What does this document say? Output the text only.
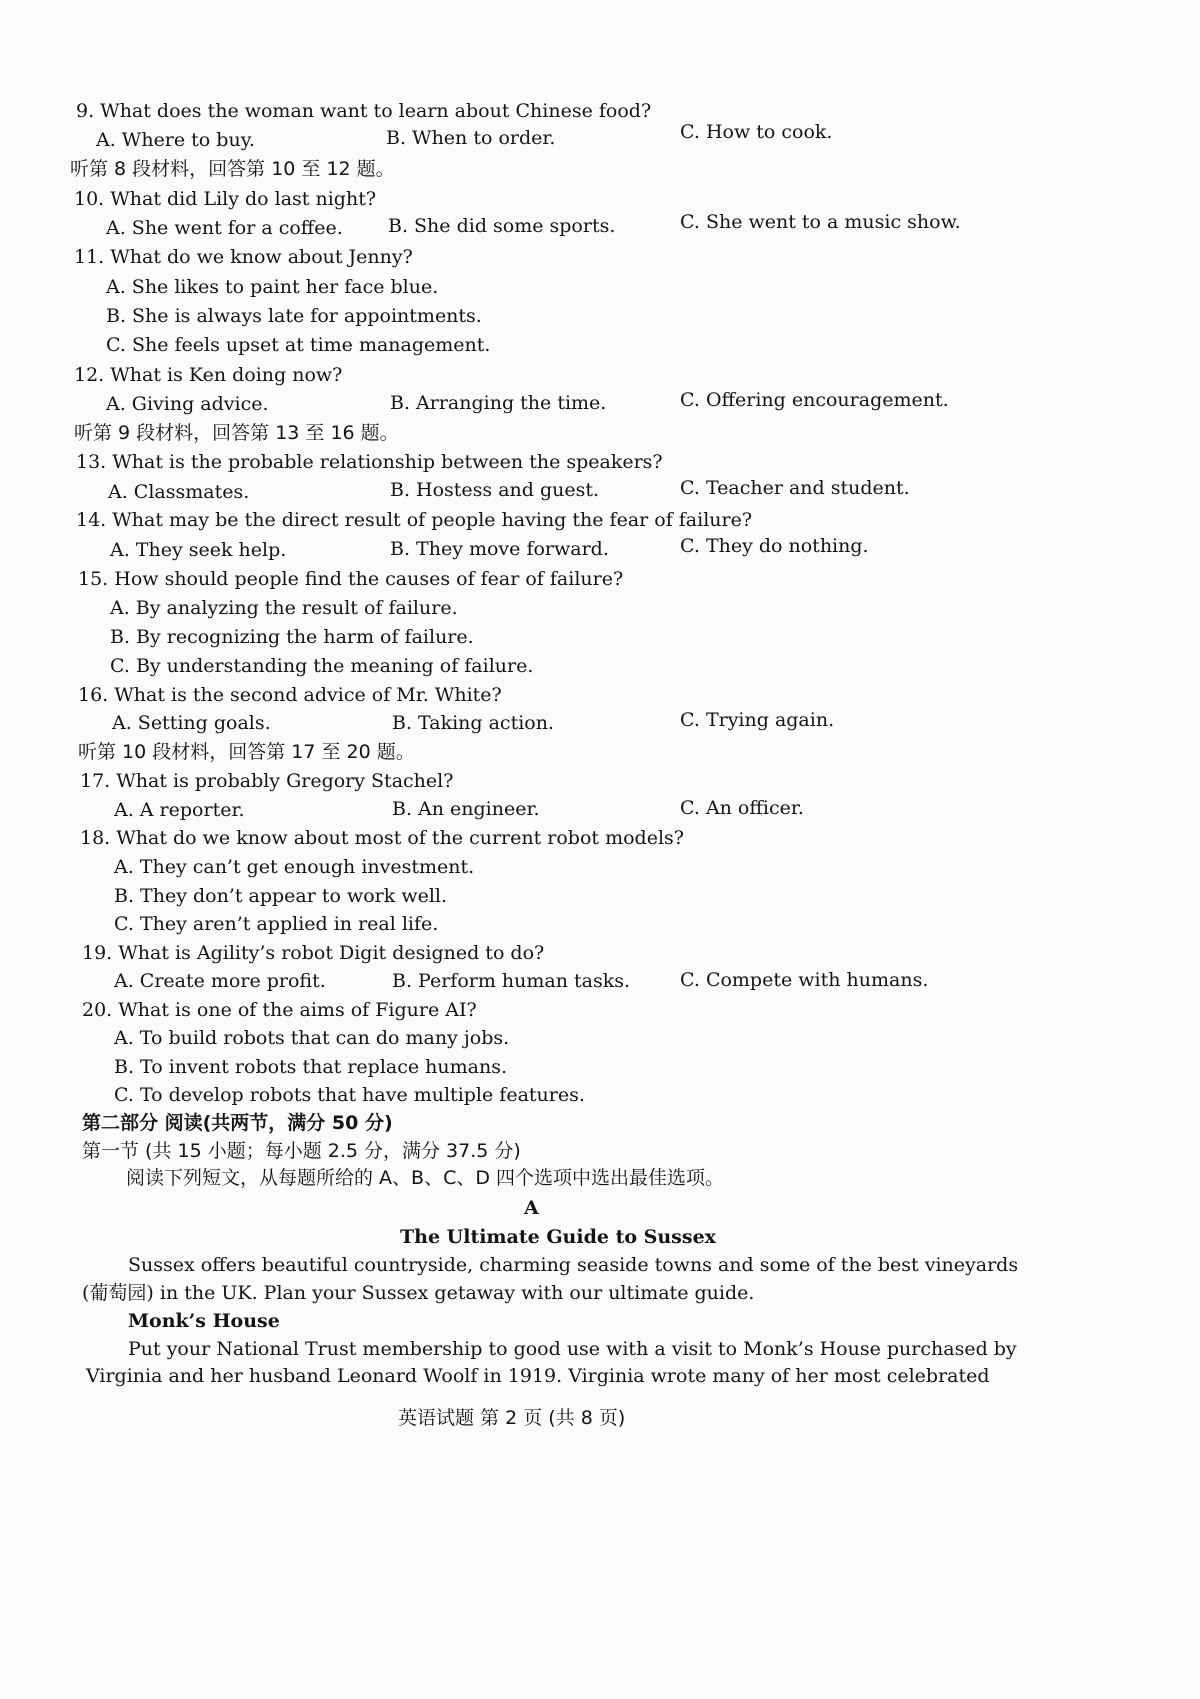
9. What does the woman want to learn about Chinese food?
A. Where to buy.	B. When to order.	C. How to cook.
听第 8 段材料，回答第 10 至 12 题。
10. What did Lily do last night?
A. She went for a coffee. B. She did some sports.	C. She went to a music show.
11. What do we know about Jenny?
A. She likes to paint her face blue.
B. She is always late for appointments.
C. She feels upset at time management.
12. What is Ken doing now?
A. Giving advice.	B. Arranging the time.	C. Offering encouragement.
听第 9 段材料，回答第 13 至 16 题。
13. What is the probable relationship between the speakers?
A. Classmates.	B. Hostess and guest.	C. Teacher and student.
14. What may be the direct result of people having the fear of failure?
A. They seek help.	B. They move forward.	C. They do nothing.
15. How should people find the causes of fear of failure?
A. By analyzing the result of failure.
B. By recognizing the harm of failure.
C. By understanding the meaning of failure.
16. What is the second advice of Mr. White?
A. Setting goals.	B. Taking action.	C. Trying again.
听第 10 段材料，回答第 17 至 20 题。
17. What is probably Gregory Stachel?
A. A reporter.	B. An engineer.	C. An officer.
18. What do we know about most of the current robot models?
A. They can’t get enough investment.
B. They don’t appear to work well.
C. They aren’t applied in real life.
19. What is Agility’s robot Digit designed to do?
A. Create more profit.	B. Perform human tasks.	C. Compete with humans.
20. What is one of the aims of Figure AI?
A. To build robots that can do many jobs.
B. To invent robots that replace humans.
C. To develop robots that have multiple features.
第二部分 阅读(共两节，满分 50 分)
第一节 (共 15 小题；每小题 2.5 分，满分 37.5 分)
阅读下列短文，从每题所给的 A、B、C、D 四个选项中选出最佳选项。
A
The Ultimate Guide to Sussex
Sussex offers beautiful countryside, charming seaside towns and some of the best vineyards
(葡萄园) in the UK. Plan your Sussex getaway with our ultimate guide.
Monk’s House
Put your National Trust membership to good use with a visit to Monk’s House purchased by
Virginia and her husband Leonard Woolf in 1919. Virginia wrote many of her most celebrated
英语试题 第 2 页 (共 8 页)
